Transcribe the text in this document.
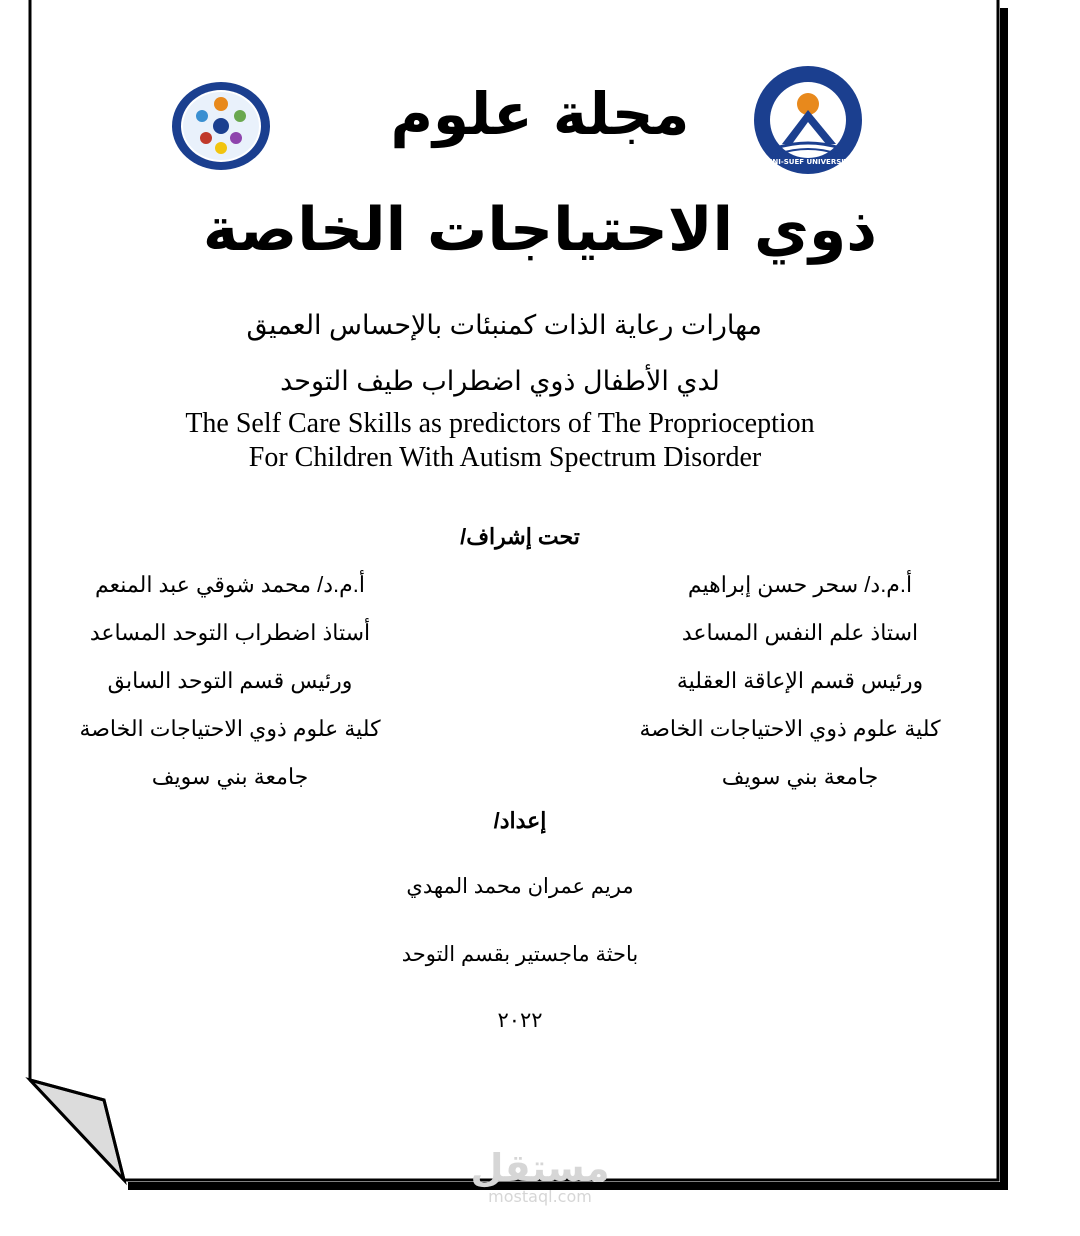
BENI-SUEF UNIVERSITY
مجلة علوم
ذوي الاحتياجات الخاصة
مهارات رعاية الذات كمنبئات بالإحساس العميق
لدي الأطفال ذوي اضطراب طيف التوحد
The Self Care Skills as predictors of The Proprioception
For Children With Autism Spectrum Disorder
تحت إشراف/
أ.م.د/ سحر حسن إبراهيم
استاذ علم النفس المساعد
ورئيس قسم الإعاقة العقلية
كلية علوم ذوي الاحتياجات الخاصة
جامعة بني سويف
أ.م.د/ محمد شوقي عبد المنعم
أستاذ اضطراب التوحد المساعد
ورئيس قسم التوحد السابق
كلية علوم ذوي الاحتياجات الخاصة
جامعة بني سويف
إعداد/
مريم عمران محمد المهدي
باحثة ماجستير بقسم التوحد
٢٠٢٢
مستقل
mostaql.com
